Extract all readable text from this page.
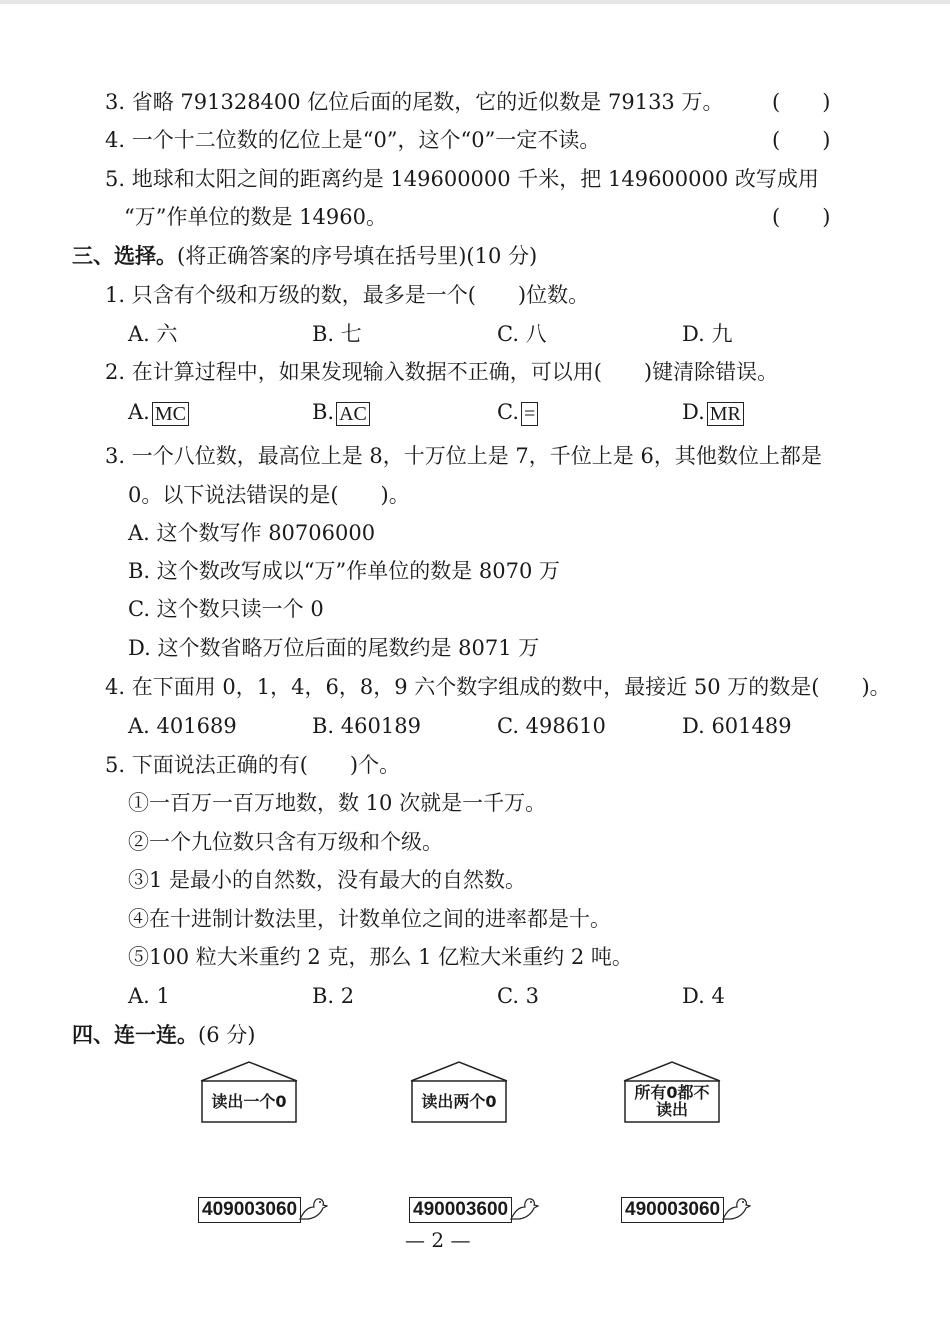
3. 省略 791328400 亿位后面的尾数，它的近似数是 79133 万。 (　　)
4. 一个十二位数的亿位上是“0”，这个“0”一定不读。	(　　)
5. 地球和太阳之间的距离约是 149600000 千米，把 149600000 改写成用
“万”作单位的数是 14960。	(　　)
三、选择。(将正确答案的序号填在括号里)(10 分)
1. 只含有个级和万级的数，最多是一个(　　)位数。
A. 六	B. 七	C. 八	D. 九
2. 在计算过程中，如果发现输入数据不正确，可以用(　　)键清除错误。
A. MC	B. AC	C. =	D. MR
3. 一个八位数，最高位上是 8，十万位上是 7，千位上是 6，其他数位上都是
0。以下说法错误的是(　　)。
A. 这个数写作 80706000
B. 这个数改写成以“万”作单位的数是 8070 万
C. 这个数只读一个 0
D. 这个数省略万位后面的尾数约是 8071 万
4. 在下面用 0，1，4，6，8，9 六个数字组成的数中，最接近 50 万的数是(　　)。
A. 401689	B. 460189	C. 498610	D. 601489
5. 下面说法正确的有(　　)个。
①一百万一百万地数，数 10 次就是一千万。
②一个九位数只含有万级和个级。
③1 是最小的自然数，没有最大的自然数。
④在十进制计数法里，计数单位之间的进率都是十。
⑤100 粒大米重约 2 克，那么 1 亿粒大米重约 2 吨。
A. 1	B. 2	C. 3	D. 4
四、连一连。(6 分)
读出一个0	读出两个0	所有0都不读出
409003060	490003600	490003060
— 2 —
